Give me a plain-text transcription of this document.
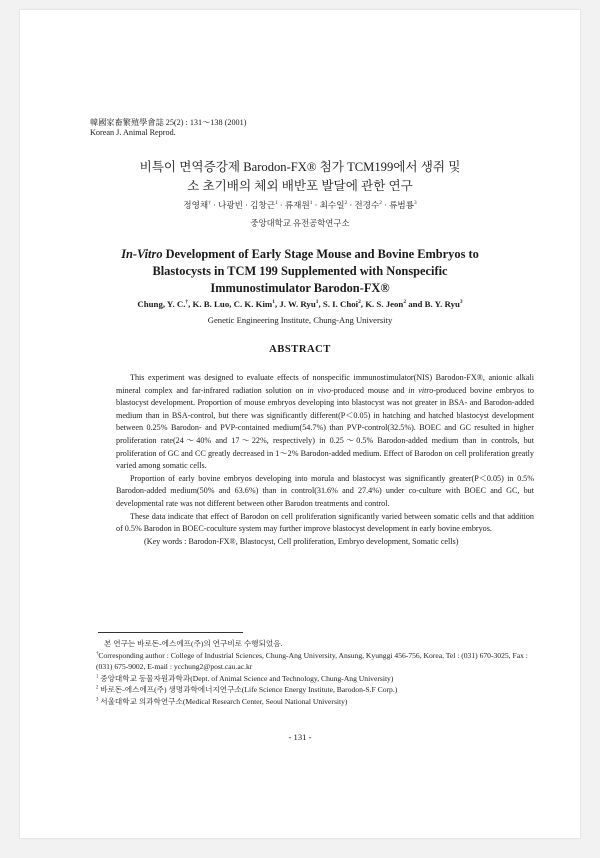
韓國家畜繁殖學會誌 25(2) : 131～138 (2001)
Korean J. Animal Reprod.
비특이 면역증강제 Barodon-FX® 첨가 TCM199에서 생쥐 및
소 초기배의 체외 배반포 발달에 관한 연구
정영채† · 나광빈 · 김창근$^1$ · 류재원$^1$ · 최수일$^2$ · 전경수$^2$ · 류범룡$^3$
중앙대학교 유전공학연구소
In-Vitro Development of Early Stage Mouse and Bovine Embryos to
Blastocysts in TCM 199 Supplemented with Nonspecific
Immunostimulator Barodon-FX®
Chung, Y. C.†, K. B. Luo, C. K. Kim$^1$, J. W. Ryu$^1$, S. I. Choi$^2$, K. S. Jeon$^2$ and B. Y. Ryu$^3$
Genetic Engineering Institute, Chung-Ang University
ABSTRACT

This experiment was designed to evaluate effects of nonspecific immunostimulator(NIS) Barodon-FX®, anionic alkali mineral complex and far-infrared radiation solution on in vivo-produced mouse and in vitro-produced bovine embryos to blastocyst development. Proportion of mouse embryos developing into blastocyst was not greater in BSA- and Barodon-added medium than in BSA-control, but there was significantly different(P＜0.05) in hatching and hatched blastocyst development between 0.25% Barodon- and PVP-contained medium(54.7%) than PVP-control(32.5%). BOEC and GC resulted in higher proliferation rate(24～40% and 17～22%, respectively) in 0.25～0.5% Barodon-added medium than in controls, but proliferation of GC and CC greatly decreased in 1～2% Barodon-added medium. Effect of Barodon on cell proliferation greatly varied among somatic cells.

Proportion of early bovine embryos developing into morula and blastocyst was significantly greater(P＜0.05) in 0.5% Barodon-added medium(50% and 63.6%) than in control(31.6% and 27.4%) under co-culture with BOEC and GC, but developmental rate was not different between other Barodon treatments and control.

These data indicate that effect of Barodon on cell proliferation significantly varied between somatic cells and that addition of 0.5% Barodon in BOEC-coculture system may further improve blastocyst development in early bovine embryos.

(Key words : Barodon-FX®, Blastocyst, Cell proliferation, Embryo development, Somatic cells)

본 연구는 바로돈-에스에프(주)의 연구비로 수행되었음.

†Corresponding author : College of Industrial Sciences, Chung-Ang University, Ansung, Kyunggi 456-756, Korea, Tel : (031) 670-3025, Fax : (031) 675-9002, E-mail : ycchung2@post.cau.ac.kr

$^1$ 중앙대학교 동물자원과학과(Dept. of Animal Science and Technology, Chung-Ang University)

$^2$ 바로돈-에스에프(주) 생명과학에너지연구소(Life Science Energy Institute, Barodon-S.F Corp.)

$^3$ 서울대학교 의과학연구소(Medical Research Center, Seoul National University)

- 131 -
